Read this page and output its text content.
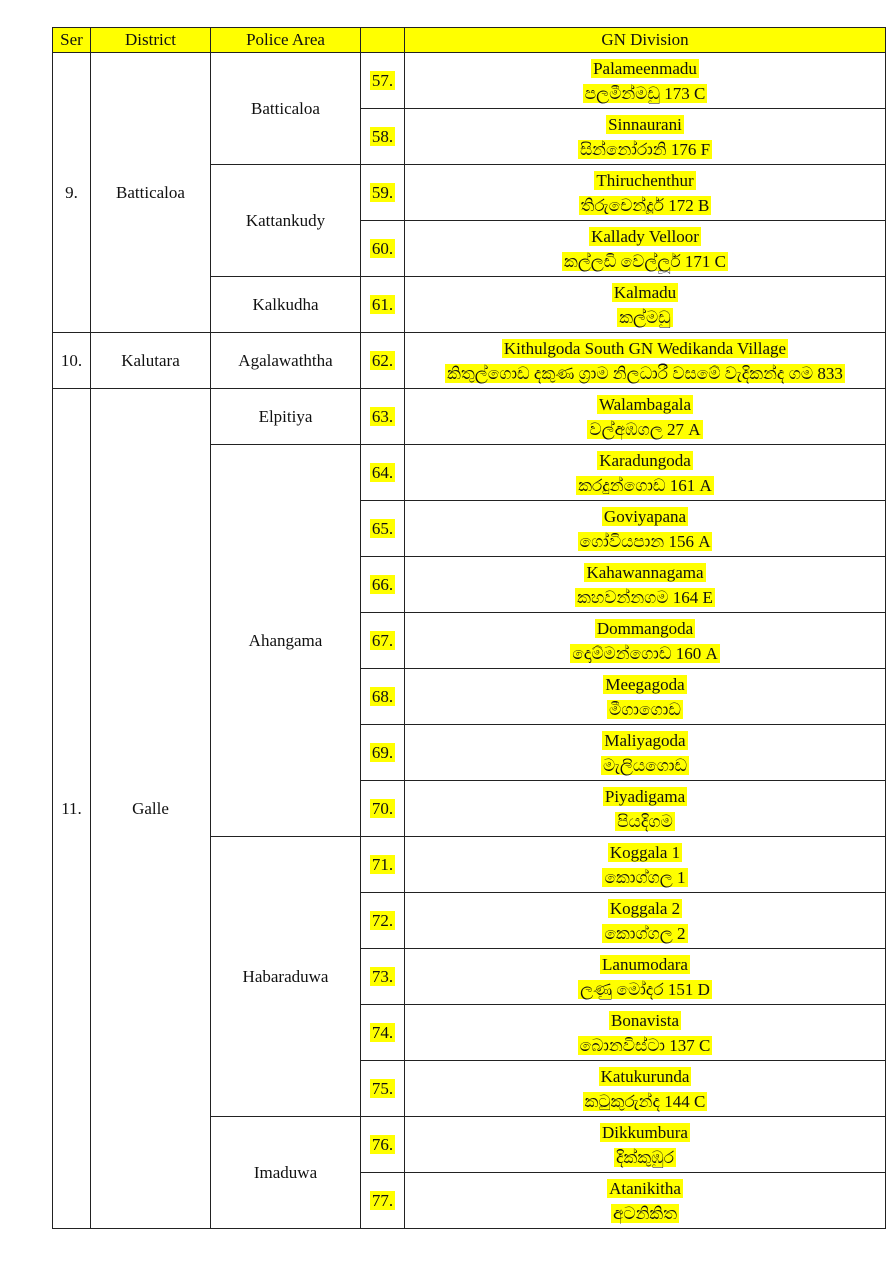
Ser	District	Police Area		GN Division
9.	Batticaloa	Batticaloa	57.	Palameenmadu
පලමීන්මඩු 173 C

			58.	Sinnaurani
සින්නෝරානි 176 F

		Kattankudy	59.	Thiruchenthur
තිරුචෙන්දූර් 172 B

			60.	Kallady Velloor
කල්ලඩි වෙල්ලූර් 171 C

		Kalkudha	61.	Kalmadu
කල්මඩු

10.	Kalutara	Agalawaththa	62.	Kithulgoda South GN Wedikanda Village
කිතුල්ගොඩ දකුණ ග්‍රාම නිලධාරී වසමේ වැදිකන්ද ගම 833

11.	Galle	Elpitiya	63.	Walambagala
වල්අඹගල 27 A

		Ahangama	64.	Karadungoda
කරදුන්ගොඩ 161 A

			65.	Goviyapana
ගෝවියපාන 156 A

			66.	Kahawannagama
කහවන්නගම 164 E

			67.	Dommangoda
දොම්මන්ගොඩ 160 A

			68.	Meegagoda
මීගාගොඩ

			69.	Maliyagoda
මැලියගොඩ

			70.	Piyadigama
පියදිගම

		Habaraduwa	71.	Koggala 1
කොග්ගල 1

			72.	Koggala 2
කොග්ගල 2

			73.	Lanumodara
ලණු මෝදර 151 D

			74.	Bonavista
බොනවිස්ටා 137 C

			75.	Katukurunda
කටුකුරුන්ද 144 C

		Imaduwa	76.	Dikkumbura
දික්කුඹුර

			77.	Atanikitha
අටනිකිත
